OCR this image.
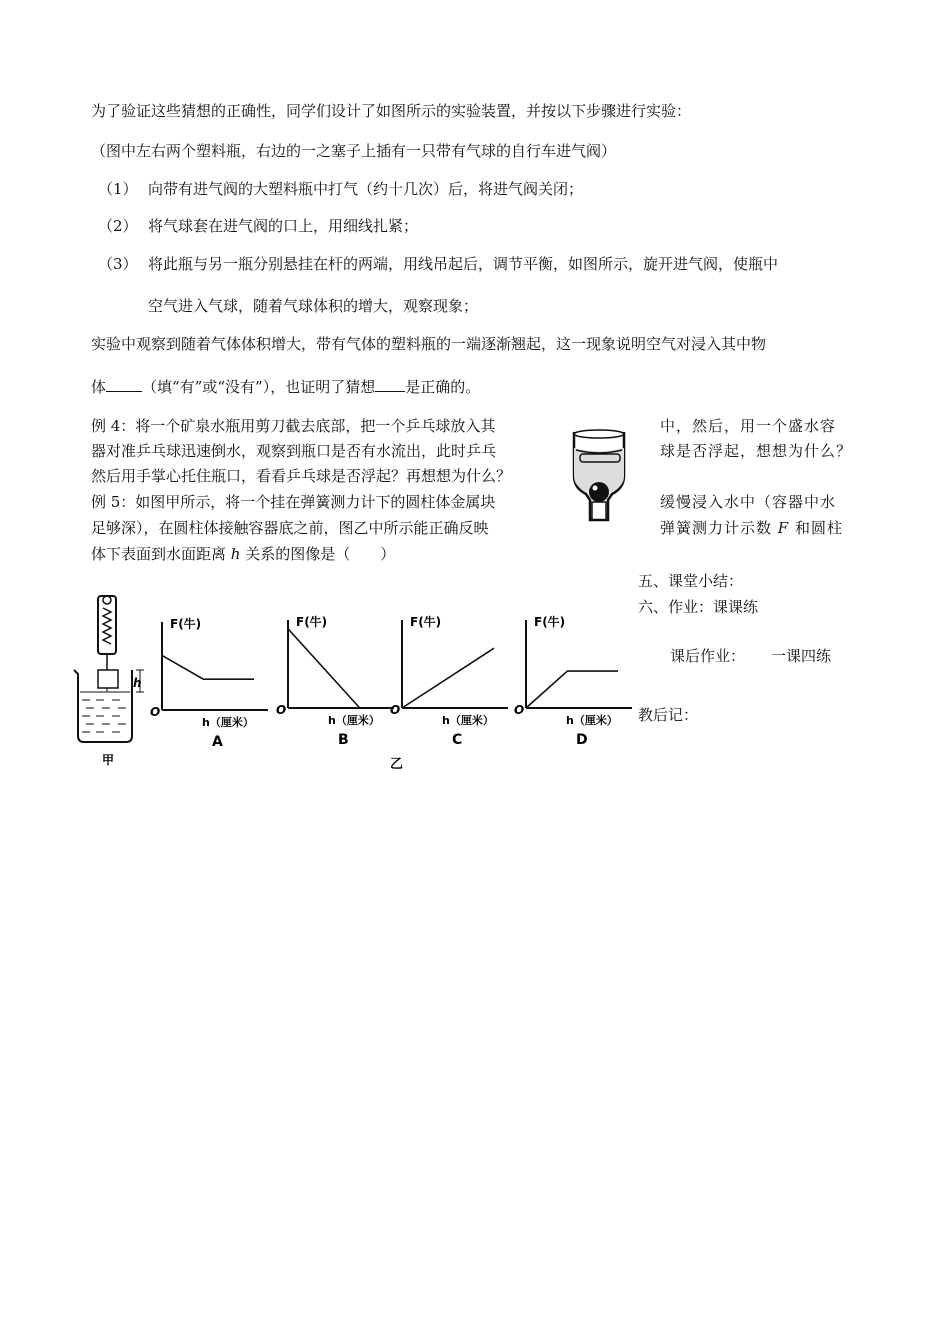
为了验证这些猜想的正确性，同学们设计了如图所示的实验装置，并按以下步骤进行实验：
（图中左右两个塑料瓶，右边的一之塞子上插有一只带有气球的自行车进气阀）
（1） 向带有进气阀的大塑料瓶中打气（约十几次）后，将进气阀关闭；
（2） 将气球套在进气阀的口上，用细线扎紧；
（3） 将此瓶与另一瓶分别悬挂在杆的两端，用线吊起后，调节平衡，如图所示，旋开进气阀，使瓶中
空气进入气球，随着气球体积的增大，观察现象；
实验中观察到随着气体体积增大，带有气体的塑料瓶的一端逐渐翘起，这一现象说明空气对浸入其中物
体 （填“有”或“没有”），也证明了猜想 是正确的。
例 4：将一个矿泉水瓶用剪刀截去底部，把一个乒乓球放入其
器对准乒乓球迅速倒水，观察到瓶口是否有水流出，此时乒乓
然后用手掌心托住瓶口，看看乒乓球是否浮起？再想想为什么？
中，然后，用一个盛水容
球是否浮起，想想为什么？
例 5：如图甲所示，将一个挂在弹簧测力计下的圆柱体金属块
足够深），在圆柱体接触容器底之前，图乙中所示能正确反映
体下表面到水面距离 h 关系的图像是（　　）
缓慢浸入水中（容器中水
弹簧测力计示数 F 和圆柱
五、课堂小结：
六、作业：课课练
课后作业： 一课四练
教后记：
h
甲	乙
F(牛)
O
h（厘米）
A
F(牛)
O
h（厘米）
B
F(牛)
O
h（厘米）
C
F(牛)
O
h（厘米）
D
